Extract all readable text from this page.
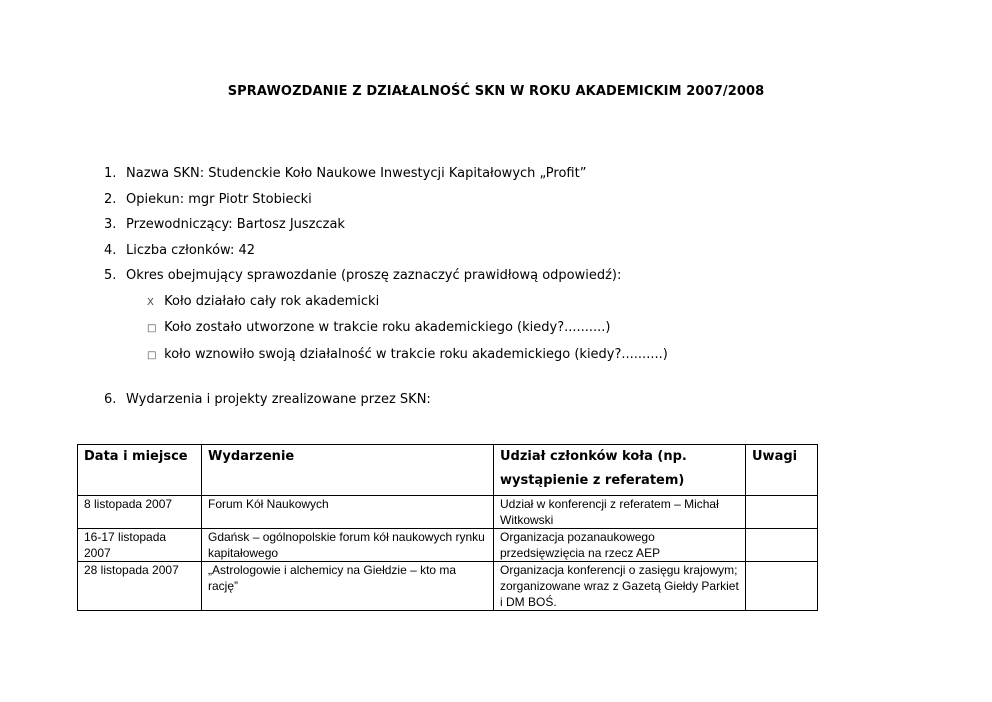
SPRAWOZDANIE Z DZIAŁALNOŚĆ SKN W ROKU AKADEMICKIM 2007/2008
1. Nazwa SKN: Studenckie Koło Naukowe Inwestycji Kapitałowych „Profit”
2. Opiekun: mgr Piotr Stobiecki
3. Przewodniczący: Bartosz Juszczak
4. Liczba członków: 42
5. Okres obejmujący sprawozdanie (proszę zaznaczyć prawidłową odpowiedź):
X Koło działało cały rok akademicki
□ Koło zostało utworzone w trakcie roku akademickiego (kiedy?..........)
□ koło wznowiło swoją działalność w trakcie roku akademickiego (kiedy?..........)
6. Wydarzenia i projekty zrealizowane przez SKN:
Data i miejsce	Wydarzenie	Udział członków koła (np. wystąpienie z referatem)	Uwagi
8 listopada 2007	Forum Kół Naukowych	Udział w konferencji z referatem – Michał Witkowski	
16-17 listopada 2007	Gdańsk – ogólnopolskie forum kół naukowych rynku kapitałowego	Organizacja pozanaukowego przedsięwzięcia na rzecz AEP	
28 listopada 2007	„Astrologowie i alchemicy na Giełdzie – kto ma rację”	Organizacja konferencji o zasięgu krajowym; zorganizowane wraz z Gazetą Giełdy Parkiet i DM BOŚ.	
